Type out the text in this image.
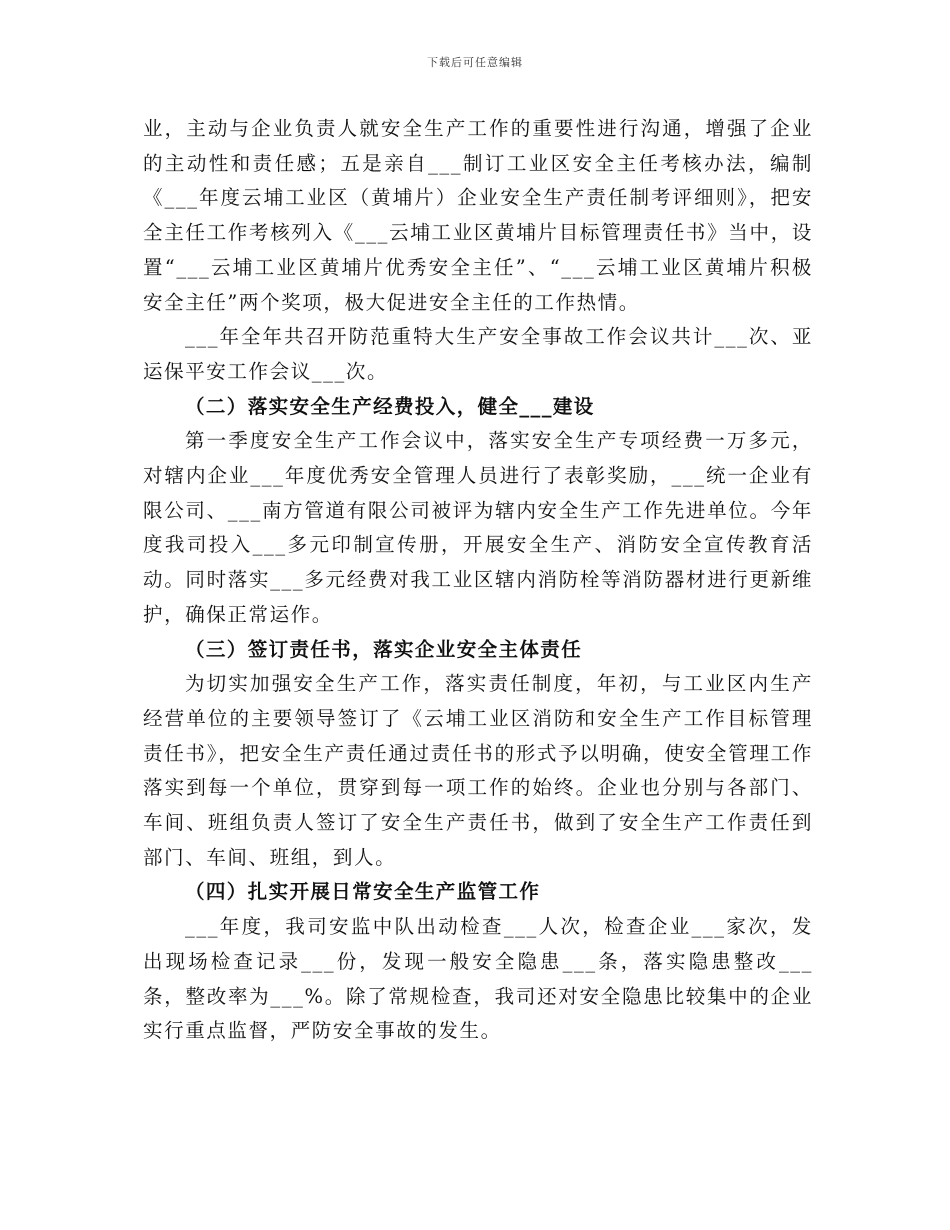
下载后可任意编辑

业，主动与企业负责人就安全生产工作的重要性进行沟通，增强了企业的主动性和责任感；五是亲自___制订工业区安全主任考核办法，编制《___年度云埔工业区（黄埔片）企业安全生产责任制考评细则》，把安全主任工作考核列入《___云埔工业区黄埔片目标管理责任书》当中，设置“___云埔工业区黄埔片优秀安全主任”、“___云埔工业区黄埔片积极安全主任”两个奖项，极大促进安全主任的工作热情。

___年全年共召开防范重特大生产安全事故工作会议共计___次、亚运保平安工作会议___次。

（二）落实安全生产经费投入，健全___建设

第一季度安全生产工作会议中，落实安全生产专项经费一万多元，对辖内企业___年度优秀安全管理人员进行了表彰奖励，___统一企业有限公司、___南方管道有限公司被评为辖内安全生产工作先进单位。今年度我司投入___多元印制宣传册，开展安全生产、消防安全宣传教育活动。同时落实___多元经费对我工业区辖内消防栓等消防器材进行更新维护，确保正常运作。

（三）签订责任书，落实企业安全主体责任

为切实加强安全生产工作，落实责任制度，年初，与工业区内生产经营单位的主要领导签订了《云埔工业区消防和安全生产工作目标管理责任书》，把安全生产责任通过责任书的形式予以明确，使安全管理工作落实到每一个单位，贯穿到每一项工作的始终。企业也分别与各部门、车间、班组负责人签订了安全生产责任书，做到了安全生产工作责任到部门、车间、班组，到人。

（四）扎实开展日常安全生产监管工作

___年度，我司安监中队出动检查___人次，检查企业___家次，发出现场检查记录___份，发现一般安全隐患___条，落实隐患整改___条，整改率为___%。除了常规检查，我司还对安全隐患比较集中的企业实行重点监督，严防安全事故的发生。
